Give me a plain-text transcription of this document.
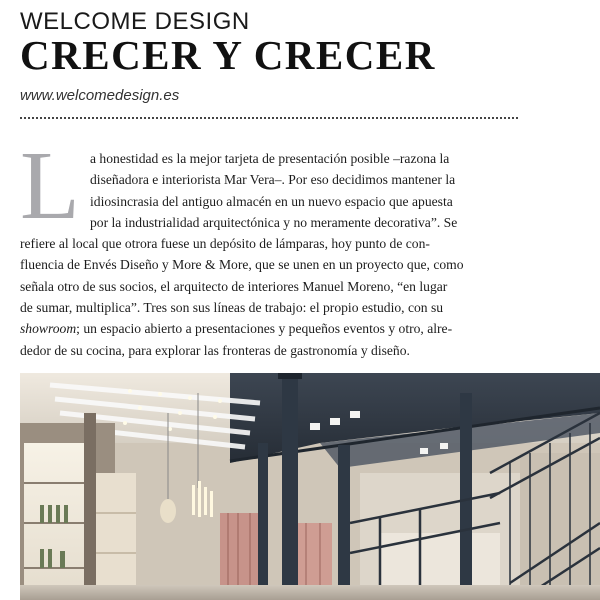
WELCOME DESIGN
CRECER Y CRECER
www.welcomedesign.es
L a honestidad es la mejor tarjeta de presentación posible –razona la
diseñadora e interiorista Mar Vera–. Por eso decidimos mantener la
idiosincrasia del antiguo almacén en un nuevo espacio que apuesta
por la industrialidad arquitectónica y no meramente decorativa”. Se
refiere al local que otrora fuese un depósito de lámparas, hoy punto de con-
fluencia de Envés Diseño y More & More, que se unen en un proyecto que, como
señala otro de sus socios, el arquitecto de interiores Manuel Moreno, “en lugar
de sumar, multiplica”. Tres son sus líneas de trabajo: el propio estudio, con su
showroom; un espacio abierto a presentaciones y pequeños eventos y otro, alre-
dedor de su cocina, para explorar las fronteras de gastronomía y diseño.
